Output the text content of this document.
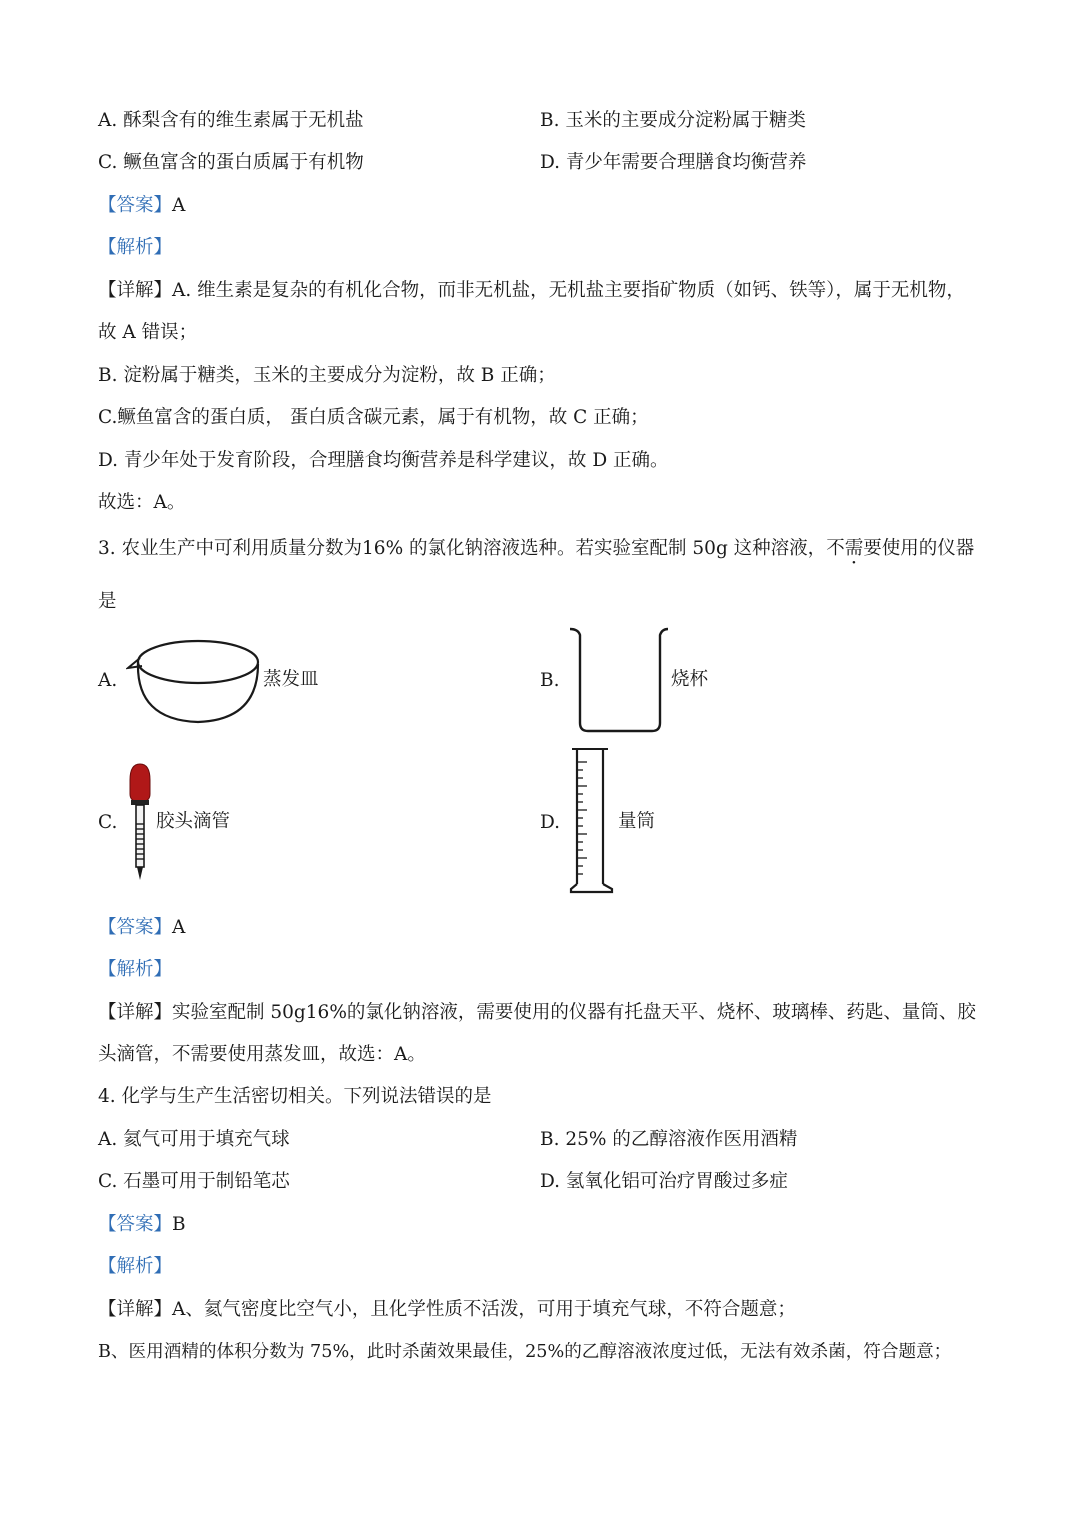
A. 酥梨含有的维生素属于无机盐	B. 玉米的主要成分淀粉属于糖类
C. 鳜鱼富含的蛋白质属于有机物	D. 青少年需要合理膳食均衡营养
【答案】A
【解析】
【详解】A. 维生素是复杂的有机化合物，而非无机盐，无机盐主要指矿物质（如钙、铁等），属于无机物，
故 A 错误；
B. 淀粉属于糖类，玉米的主要成分为淀粉，故 B 正确；
C.鳜鱼富含的蛋白质， 蛋白质含碳元素，属于有机物，故 C 正确；
D. 青少年处于发育阶段，合理膳食均衡营养是科学建议，故 D 正确。
故选：A。
3. 农业生产中可利用质量分数为16% 的氯化钠溶液选种。若实验室配制 50g 这种溶液，不需要使用的仪器
是
A.	蒸发皿	B.	烧杯
C. 胶头滴管	D.	量筒
【答案】A
【解析】
【详解】实验室配制 50g16%的氯化钠溶液，需要使用的仪器有托盘天平、烧杯、玻璃棒、药匙、量筒、胶
头滴管，不需要使用蒸发皿，故选：A。
4. 化学与生产生活密切相关。下列说法错误的是
A. 氦气可用于填充气球	B. 25% 的乙醇溶液作医用酒精
C. 石墨可用于制铅笔芯	D. 氢氧化铝可治疗胃酸过多症
【答案】B
【解析】
【详解】A、氦气密度比空气小，且化学性质不活泼，可用于填充气球，不符合题意；
B、医用酒精的体积分数为 75%，此时杀菌效果最佳，25%的乙醇溶液浓度过低，无法有效杀菌，符合题意；
